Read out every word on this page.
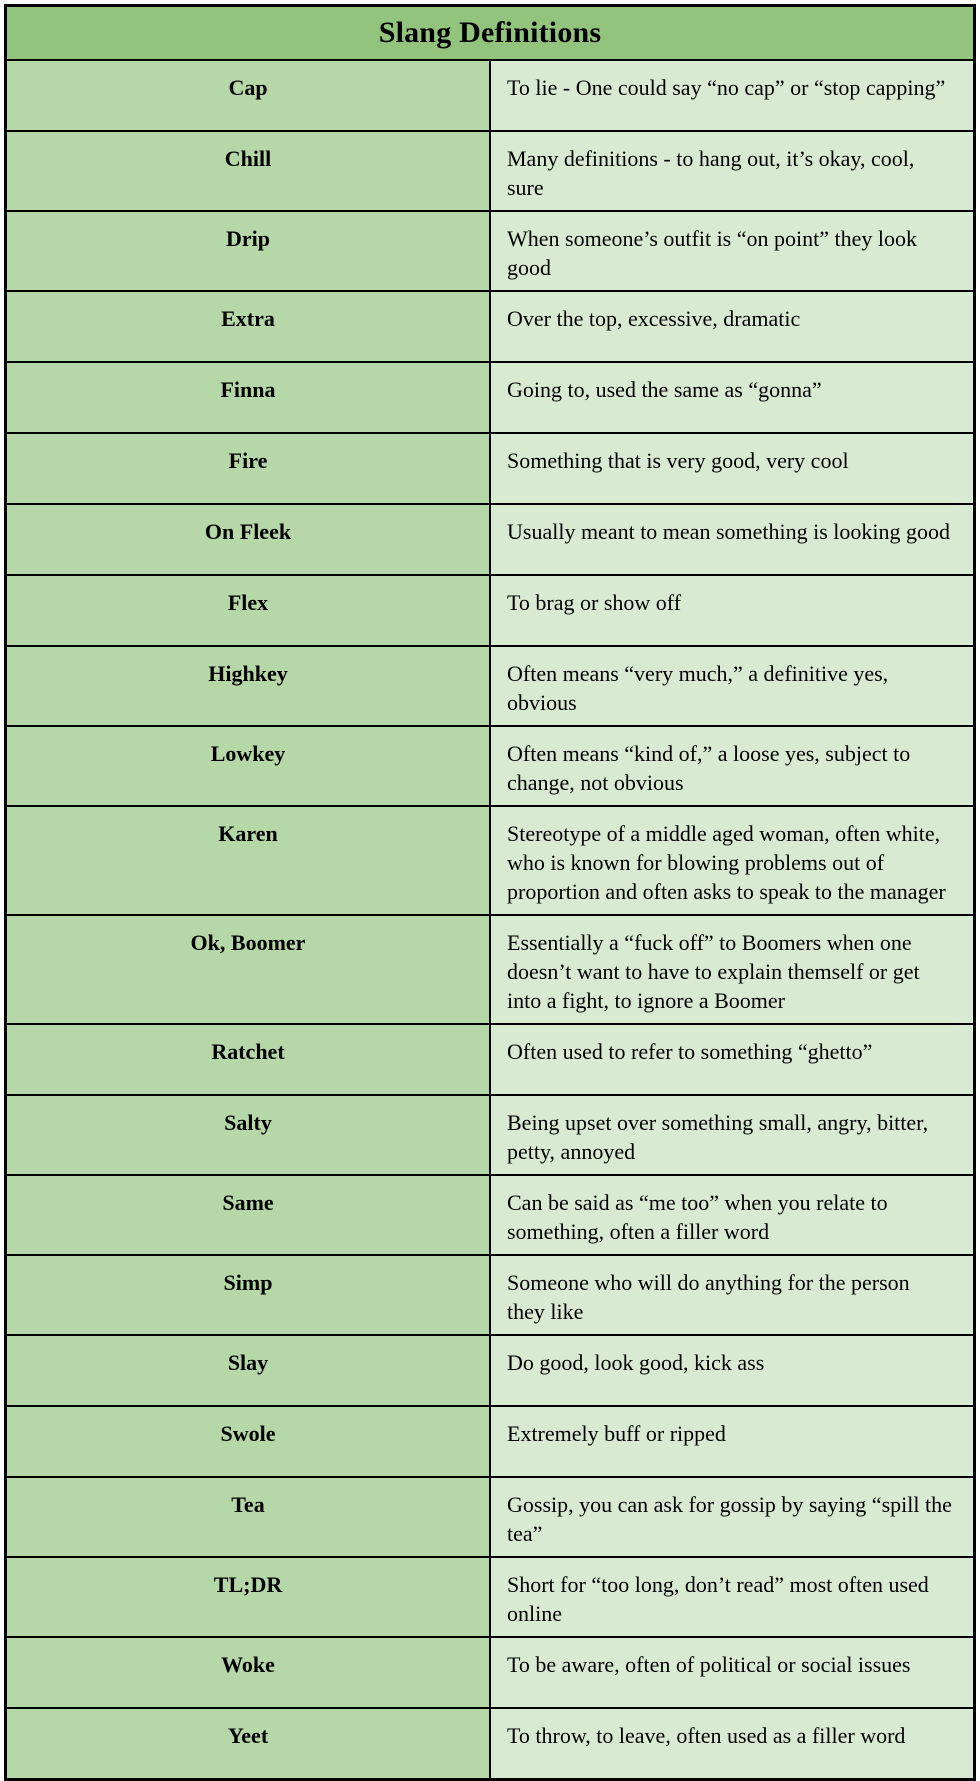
Slang Definitions	
Cap	To lie - One could say “no cap” or “stop capping”
Chill	Many definitions - to hang out, it’s okay, cool, sure
Drip	When someone’s outfit is “on point” they look good
Extra	Over the top, excessive, dramatic
Finna	Going to, used the same as “gonna”
Fire	Something that is very good, very cool
On Fleek	Usually meant to mean something is looking good
Flex	To brag or show off
Highkey	Often means “very much,” a definitive yes, obvious
Lowkey	Often means “kind of,” a loose yes, subject to change, not obvious
Karen	Stereotype of a middle aged woman, often white, who is known for blowing problems out of proportion and often asks to speak to the manager
Ok, Boomer	Essentially a “fuck off” to Boomers when one doesn’t want to have to explain themself or get into a fight, to ignore a Boomer
Ratchet	Often used to refer to something “ghetto”
Salty	Being upset over something small, angry, bitter, petty, annoyed
Same	Can be said as “me too” when you relate to something, often a filler word
Simp	Someone who will do anything for the person they like
Slay	Do good, look good, kick ass
Swole	Extremely buff or ripped
Tea	Gossip, you can ask for gossip by saying “spill the tea”
TL;DR	Short for “too long, don’t read” most often used online
Woke	To be aware, often of political or social issues
Yeet	To throw, to leave, often used as a filler word
